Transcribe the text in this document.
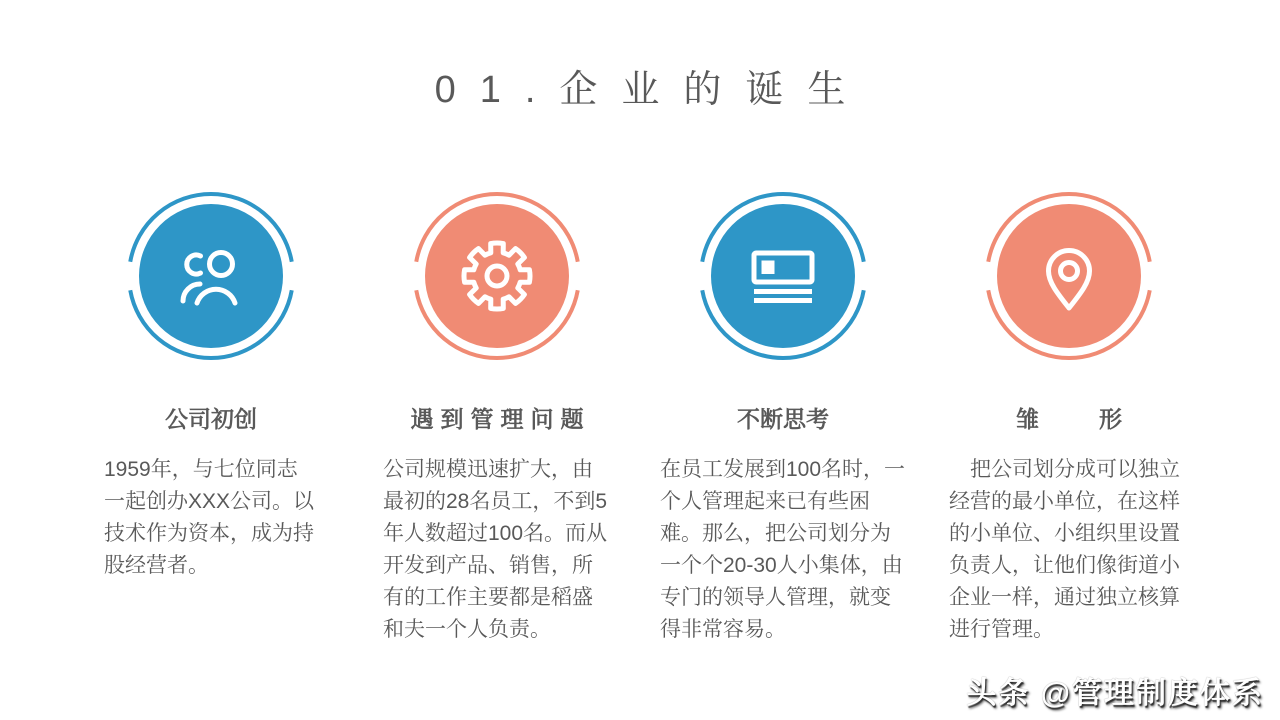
01.企业的诞生
公司初创

1959年，与七位同志一起创办XXX公司。以技术作为资本，成为持股经营者。

遇到管理问题

公司规模迅速扩大，由最初的28名员工，不到5年人数超过100名。而从开发到产品、销售，所有的工作主要都是稻盛和夫一个人负责。

不断思考

在员工发展到100名时，一个人管理起来已有些困难。那么，把公司划分为一个个20-30人小集体，由专门的领导人管理，就变得非常容易。

雏形

　把公司划分成可以独立经营的最小单位，在这样的小单位、小组织里设置负责人，让他们像街道小企业一样，通过独立核算进行管理。

头条 @管理制度体系
